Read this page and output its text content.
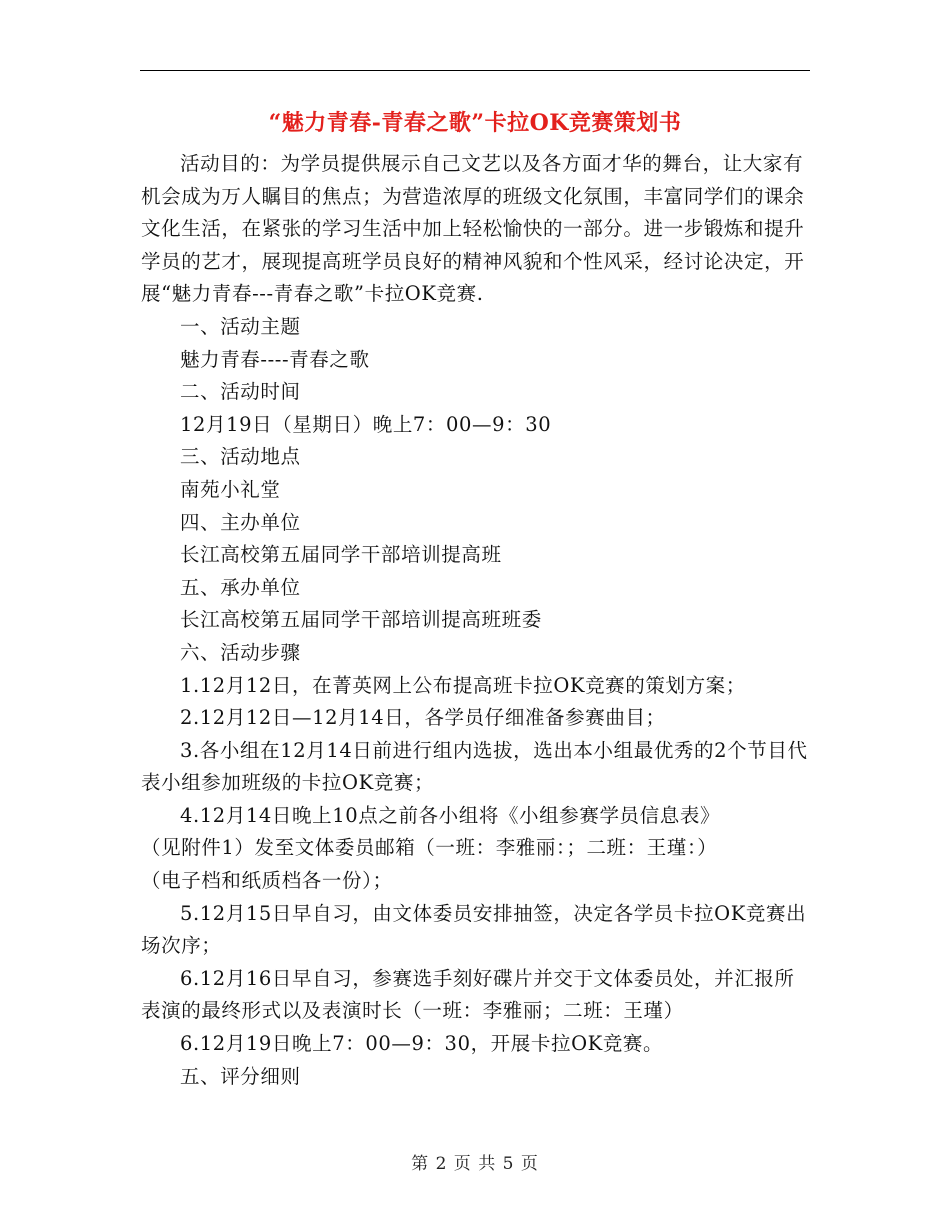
“魅力青春-青春之歌”卡拉OK竞赛策划书

活动目的：为学员提供展示自己文艺以及各方面才华的舞台，让大家有机会成为万人瞩目的焦点；为营造浓厚的班级文化氛围，丰富同学们的课余文化生活，在紧张的学习生活中加上轻松愉快的一部分。进一步锻炼和提升学员的艺才，展现提高班学员良好的精神风貌和个性风采，经讨论决定，开展“魅力青春---青春之歌”卡拉OK竞赛.

一、活动主题

魅力青春----青春之歌

二、活动时间

12月19日（星期日）晚上7：00—9：30

三、活动地点

南苑小礼堂

四、主办单位

长江高校第五届同学干部培训提高班

五、承办单位

长江高校第五届同学干部培训提高班班委

六、活动步骤

1.12月12日，在菁英网上公布提高班卡拉OK竞赛的策划方案；

2.12月12日—12月14日，各学员仔细准备参赛曲目；

3.各小组在12月14日前进行组内选拔，选出本小组最优秀的2个节目代表小组参加班级的卡拉OK竞赛；

4.12月14日晚上10点之前各小组将《小组参赛学员信息表》

（见附件1）发至文体委员邮箱（一班：李雅丽：；二班：王瑾：）

（电子档和纸质档各一份）；

5.12月15日早自习，由文体委员安排抽签，决定各学员卡拉OK竞赛出场次序；

6.12月16日早自习，参赛选手刻好碟片并交于文体委员处，并汇报所表演的最终形式以及表演时长（一班：李雅丽；二班：王瑾）

6.12月19日晚上7：00—9：30，开展卡拉OK竞赛。

五、评分细则

第 2 页 共 5 页
